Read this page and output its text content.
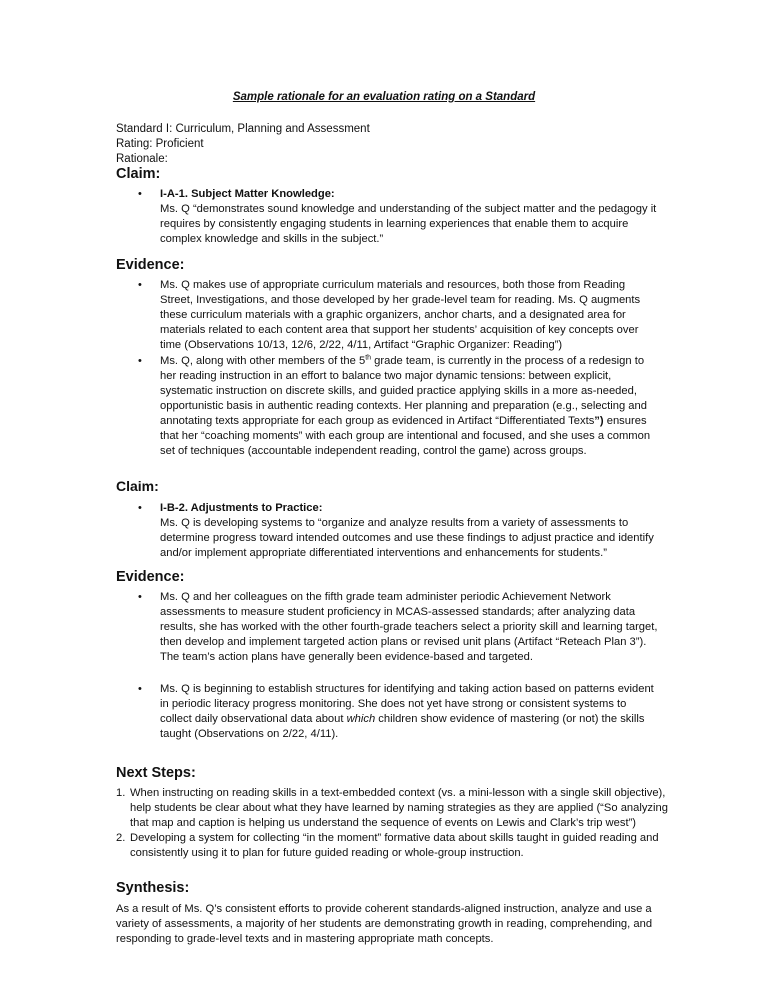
Sample rationale for an evaluation rating on a Standard
Standard I: Curriculum, Planning and Assessment
Rating: Proficient
Rationale:
Claim:
• I-A-1. Subject Matter Knowledge:
Ms. Q “demonstrates sound knowledge and understanding of the subject matter and the pedagogy it requires by consistently engaging students in learning experiences that enable them to acquire complex knowledge and skills in the subject.”
Evidence:
• Ms. Q makes use of appropriate curriculum materials and resources, both those from Reading Street, Investigations, and those developed by her grade-level team for reading. Ms. Q augments these curriculum materials with a graphic organizers, anchor charts, and a designated area for materials related to each content area that support her students’ acquisition of key concepts over time (Observations 10/13, 12/6, 2/22, 4/11, Artifact “Graphic Organizer: Reading”)
• Ms. Q, along with other members of the 5th grade team, is currently in the process of a redesign to her reading instruction in an effort to balance two major dynamic tensions: between explicit, systematic instruction on discrete skills, and guided practice applying skills in a more as-needed, opportunistic basis in authentic reading contexts. Her planning and preparation (e.g., selecting and annotating texts appropriate for each group as evidenced in Artifact “Differentiated Texts”) ensures that her “coaching moments” with each group are intentional and focused, and she uses a common set of techniques (accountable independent reading, control the game) across groups.
Claim:
• I-B-2. Adjustments to Practice:
Ms. Q is developing systems to “organize and analyze results from a variety of assessments to determine progress toward intended outcomes and use these findings to adjust practice and identify and/or implement appropriate differentiated interventions and enhancements for students.”
Evidence:
• Ms. Q and her colleagues on the fifth grade team administer periodic Achievement Network assessments to measure student proficiency in MCAS-assessed standards; after analyzing data results, she has worked with the other fourth-grade teachers select a priority skill and learning target, then develop and implement targeted action plans or revised unit plans (Artifact “Reteach Plan 3”). The team’s action plans have generally been evidence-based and targeted.
• Ms. Q is beginning to establish structures for identifying and taking action based on patterns evident in periodic literacy progress monitoring. She does not yet have strong or consistent systems to collect daily observational data about which children show evidence of mastering (or not) the skills taught (Observations on 2/22, 4/11).
Next Steps:
1. When instructing on reading skills in a text-embedded context (vs. a mini-lesson with a single skill objective), help students be clear about what they have learned by naming strategies as they are applied (“So analyzing that map and caption is helping us understand the sequence of events on Lewis and Clark’s trip west”)
2. Developing a system for collecting “in the moment” formative data about skills taught in guided reading and consistently using it to plan for future guided reading or whole-group instruction.
Synthesis:
As a result of Ms. Q’s consistent efforts to provide coherent standards-aligned instruction, analyze and use a variety of assessments, a majority of her students are demonstrating growth in reading, comprehending, and responding to grade-level texts and in mastering appropriate math concepts.
